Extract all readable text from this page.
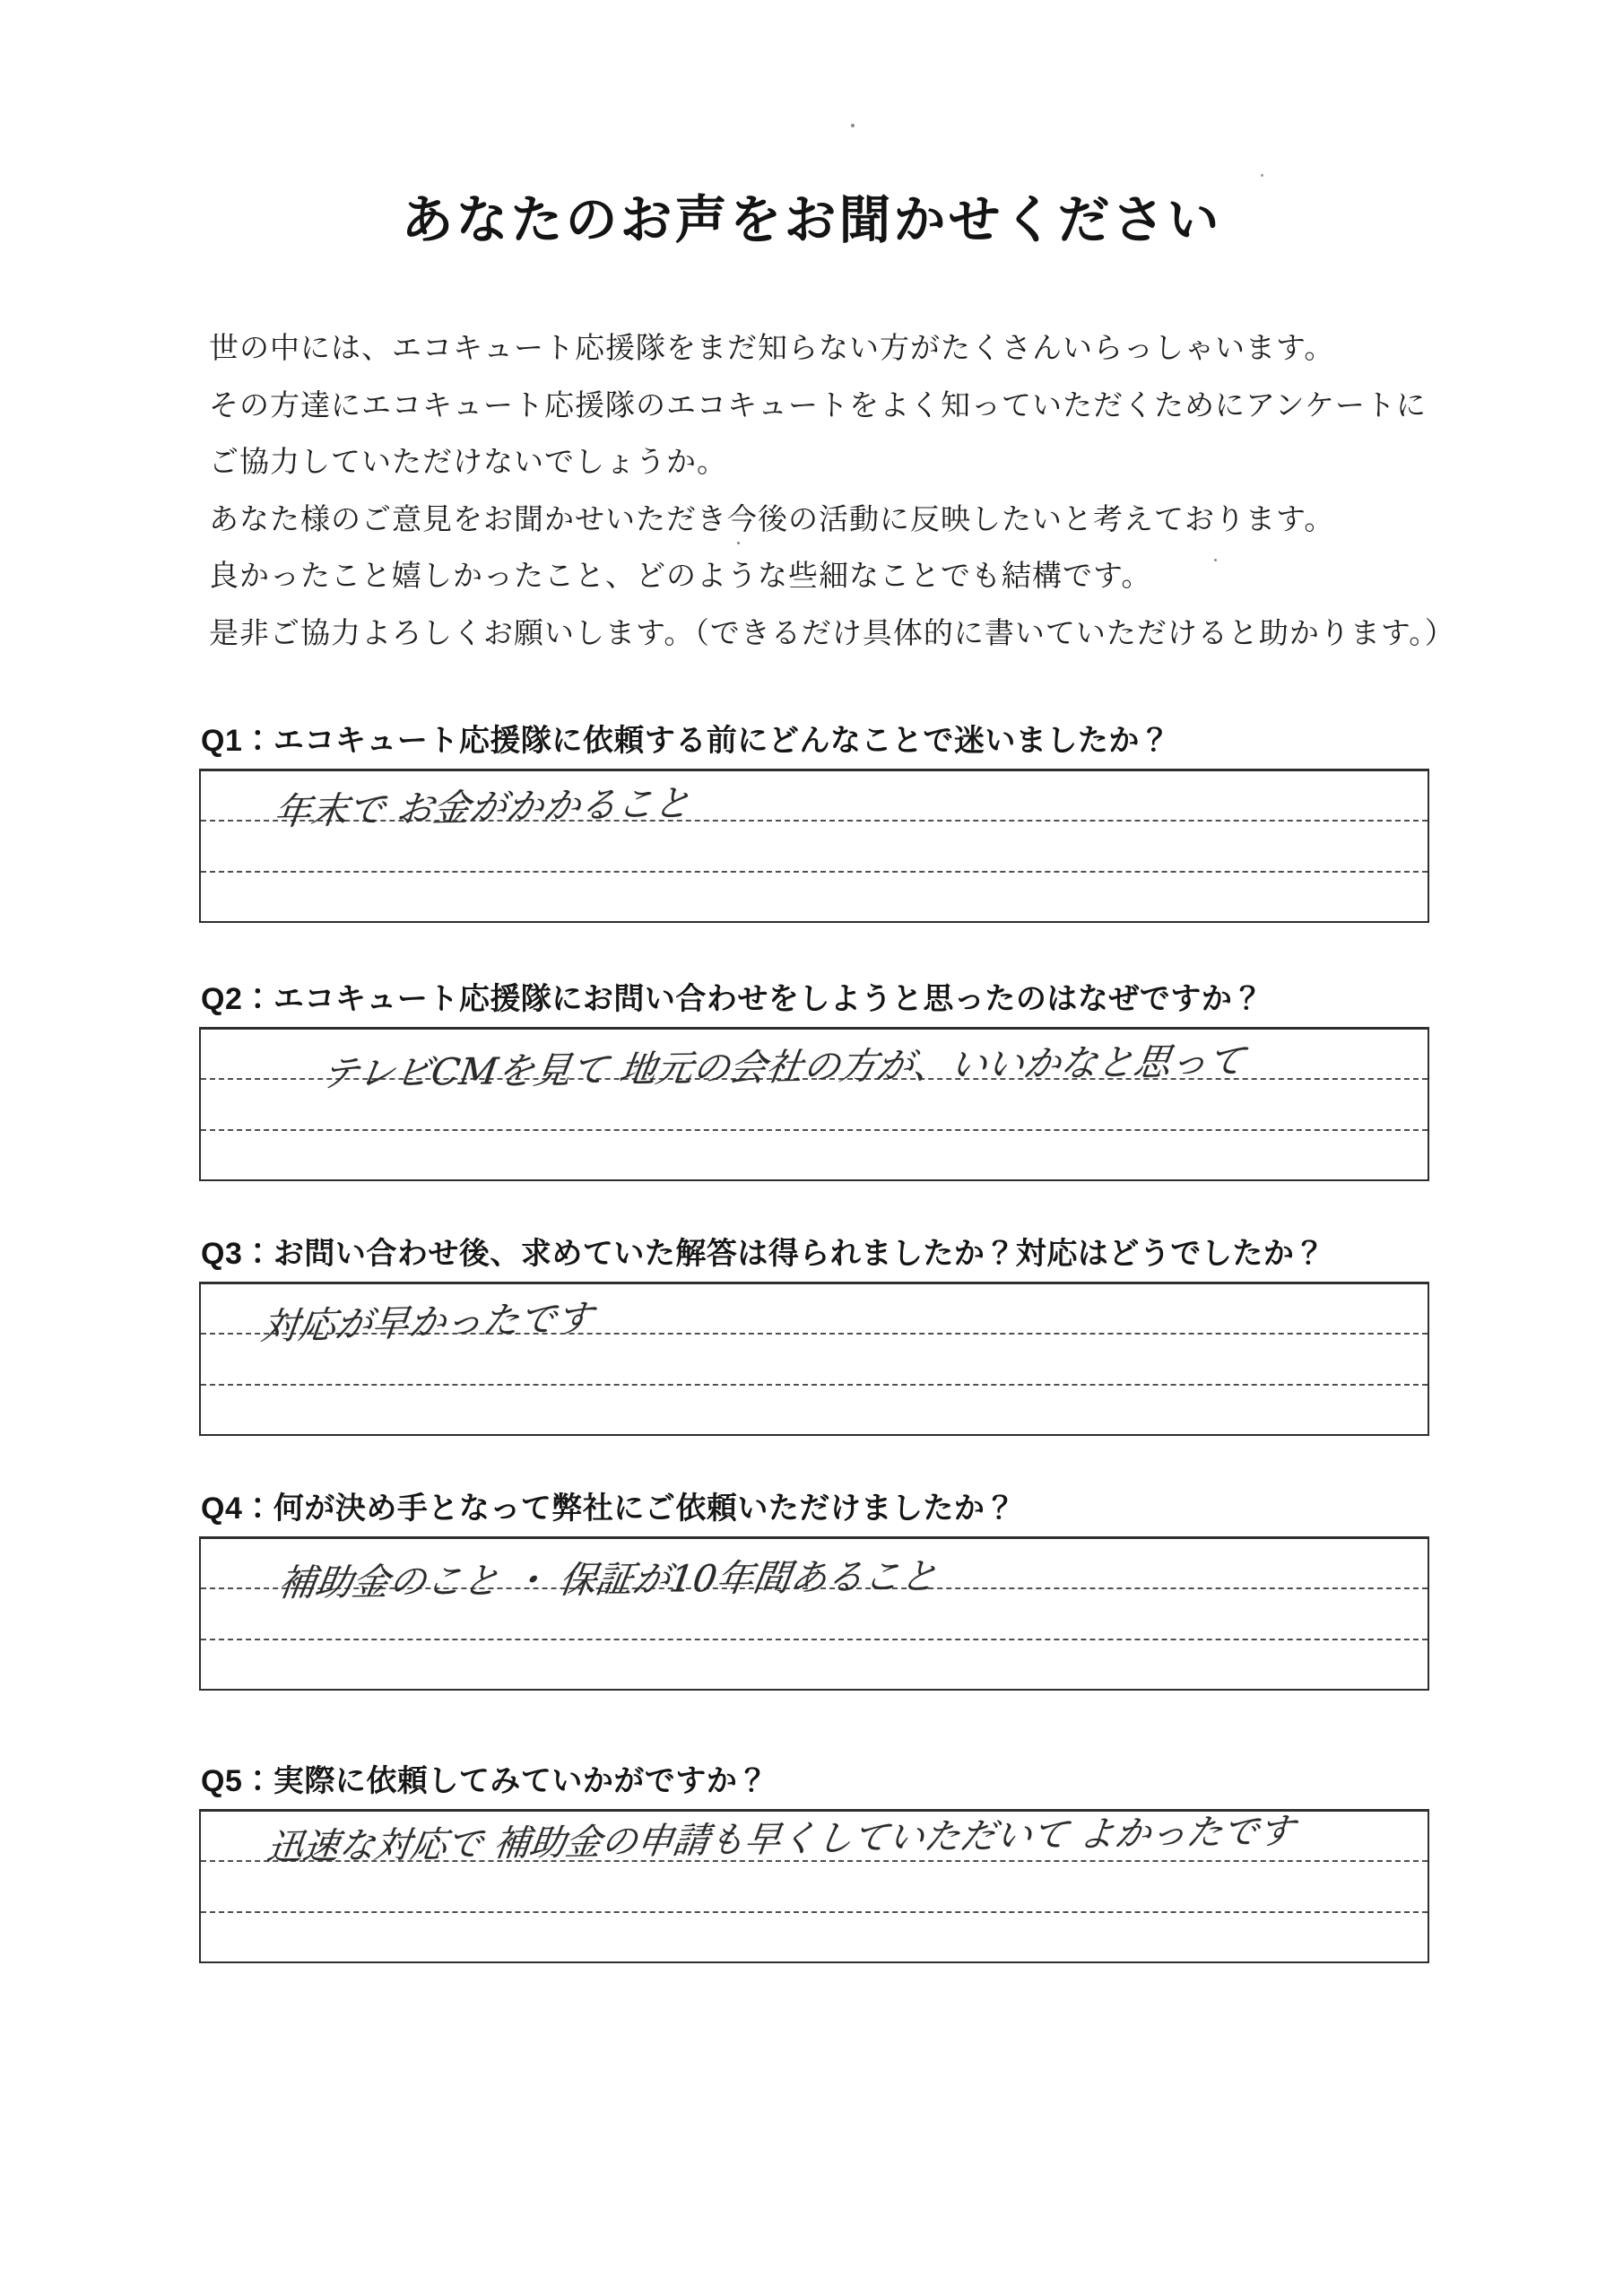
あなたのお声をお聞かせください
世の中には、エコキュート応援隊をまだ知らない方がたくさんいらっしゃいます。
その方達にエコキュート応援隊のエコキュートをよく知っていただくためにアンケートに
ご協力していただけないでしょうか。
あなた様のご意見をお聞かせいただき今後の活動に反映したいと考えております。
良かったこと嬉しかったこと、どのような些細なことでも結構です。
是非ご協力よろしくお願いします。（できるだけ具体的に書いていただけると助かります。）
Q1：エコキュート応援隊に依頼する前にどんなことで迷いましたか？
年末で お金がかかること
Q2：エコキュート応援隊にお問い合わせをしようと思ったのはなぜですか？
テレビCMを見て 地元の会社の方が、いいかなと思って
Q3：お問い合わせ後、求めていた解答は得られましたか？対応はどうでしたか？
対応が早かったです
Q4：何が決め手となって弊社にご依頼いただけましたか？
補助金のこと ・ 保証が10年間あること
Q5：実際に依頼してみていかがですか？
迅速な対応で 補助金の申請も早くしていただいて よかったです
